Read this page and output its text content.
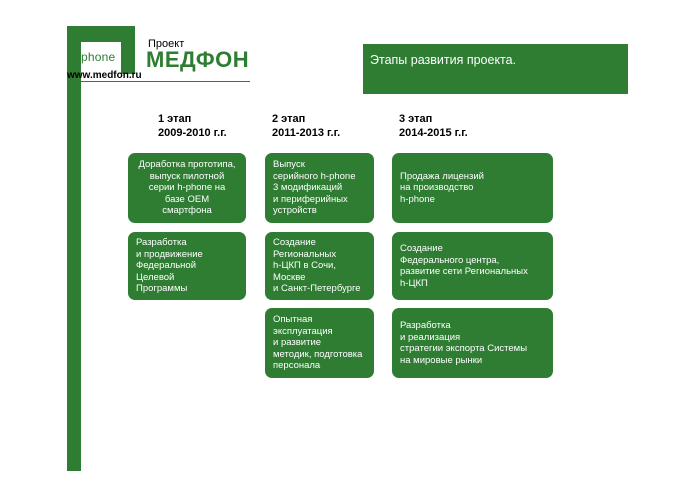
phone
Проект
МЕДФОН
www.medfon.ru
Этапы развития проекта.
1 этап
2009-2010 г.г.
2 этап
2011-2013 г.г.
3 этап
2014-2015 г.г.
Доработка прототипа,
выпуск пилотной
серии h-phone на
базе OEM
смартфона
Разработка
и продвижение
Федеральной
Целевой
Программы
Выпуск
серийного h-phone
3 модификаций
и периферийных
устройств
Создание
Региональных
h-ЦКП в Сочи,
Москве
и Санкт-Петербурге
Опытная
эксплуатация
и развитие
методик, подготовка
персонала
Продажа лицензий
на производство
h-phone
Создание
Федерального центра,
развитие сети Региональных
h-ЦКП
Разработка
и реализация
стратегии экспорта Системы
на мировые рынки
